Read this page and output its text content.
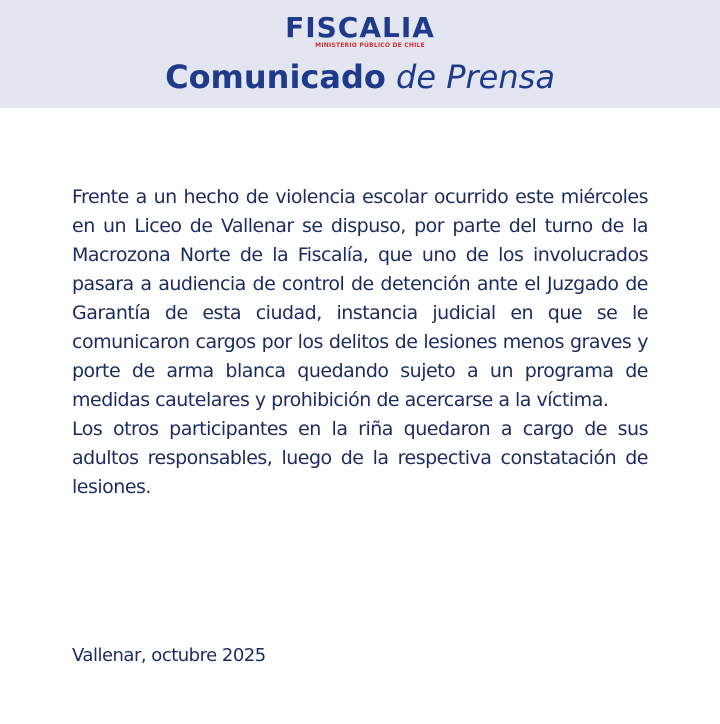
FISCALIA
MINISTERIO PÚBLICO DE CHILE
Comunicado de Prensa

Frente a un hecho de violencia escolar ocurrido este miércoles en un Liceo de Vallenar se dispuso, por parte del turno de la Macrozona Norte de la Fiscalía, que uno de los involucrados pasara a audiencia de control de detención ante el Juzgado de Garantía de esta ciudad, instancia judicial en que se le comunicaron cargos por los delitos de lesiones menos graves y porte de arma blanca quedando sujeto a un programa de medidas cautelares y prohibición de acercarse a la víctima.

Los otros participantes en la riña quedaron a cargo de sus adultos responsables, luego de la respectiva constatación de lesiones.

Vallenar, octubre 2025
